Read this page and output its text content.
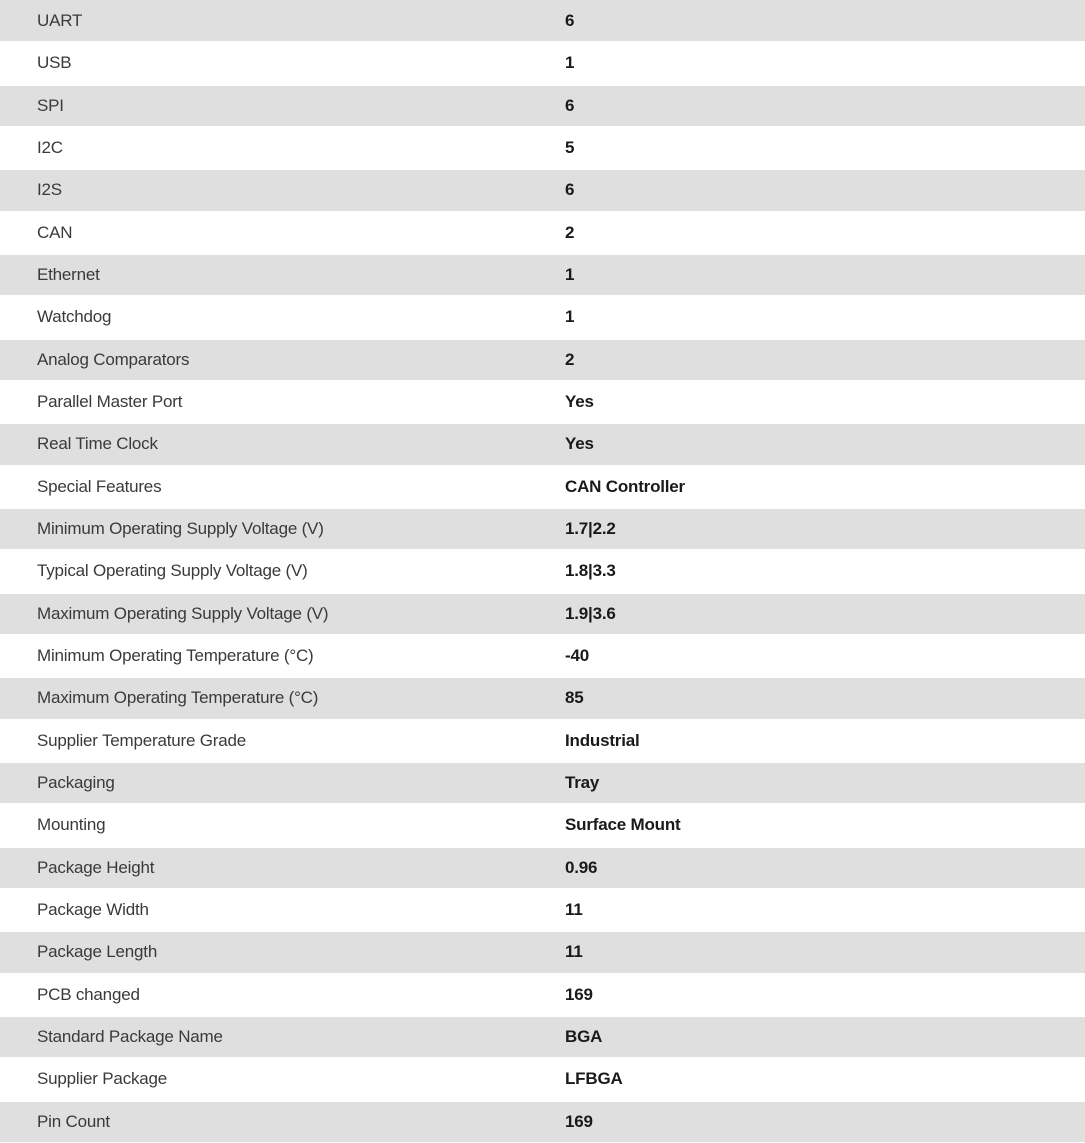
UART	6
USB	1
SPI	6
I2C	5
I2S	6
CAN	2
Ethernet	1
Watchdog	1
Analog Comparators	2
Parallel Master Port	Yes
Real Time Clock	Yes
Special Features	CAN Controller
Minimum Operating Supply Voltage (V)	1.7|2.2
Typical Operating Supply Voltage (V)	1.8|3.3
Maximum Operating Supply Voltage (V)	1.9|3.6
Minimum Operating Temperature (°C)	-40
Maximum Operating Temperature (°C)	85
Supplier Temperature Grade	Industrial
Packaging	Tray
Mounting	Surface Mount
Package Height	0.96
Package Width	11
Package Length	11
PCB changed	169
Standard Package Name	BGA
Supplier Package	LFBGA
Pin Count	169
